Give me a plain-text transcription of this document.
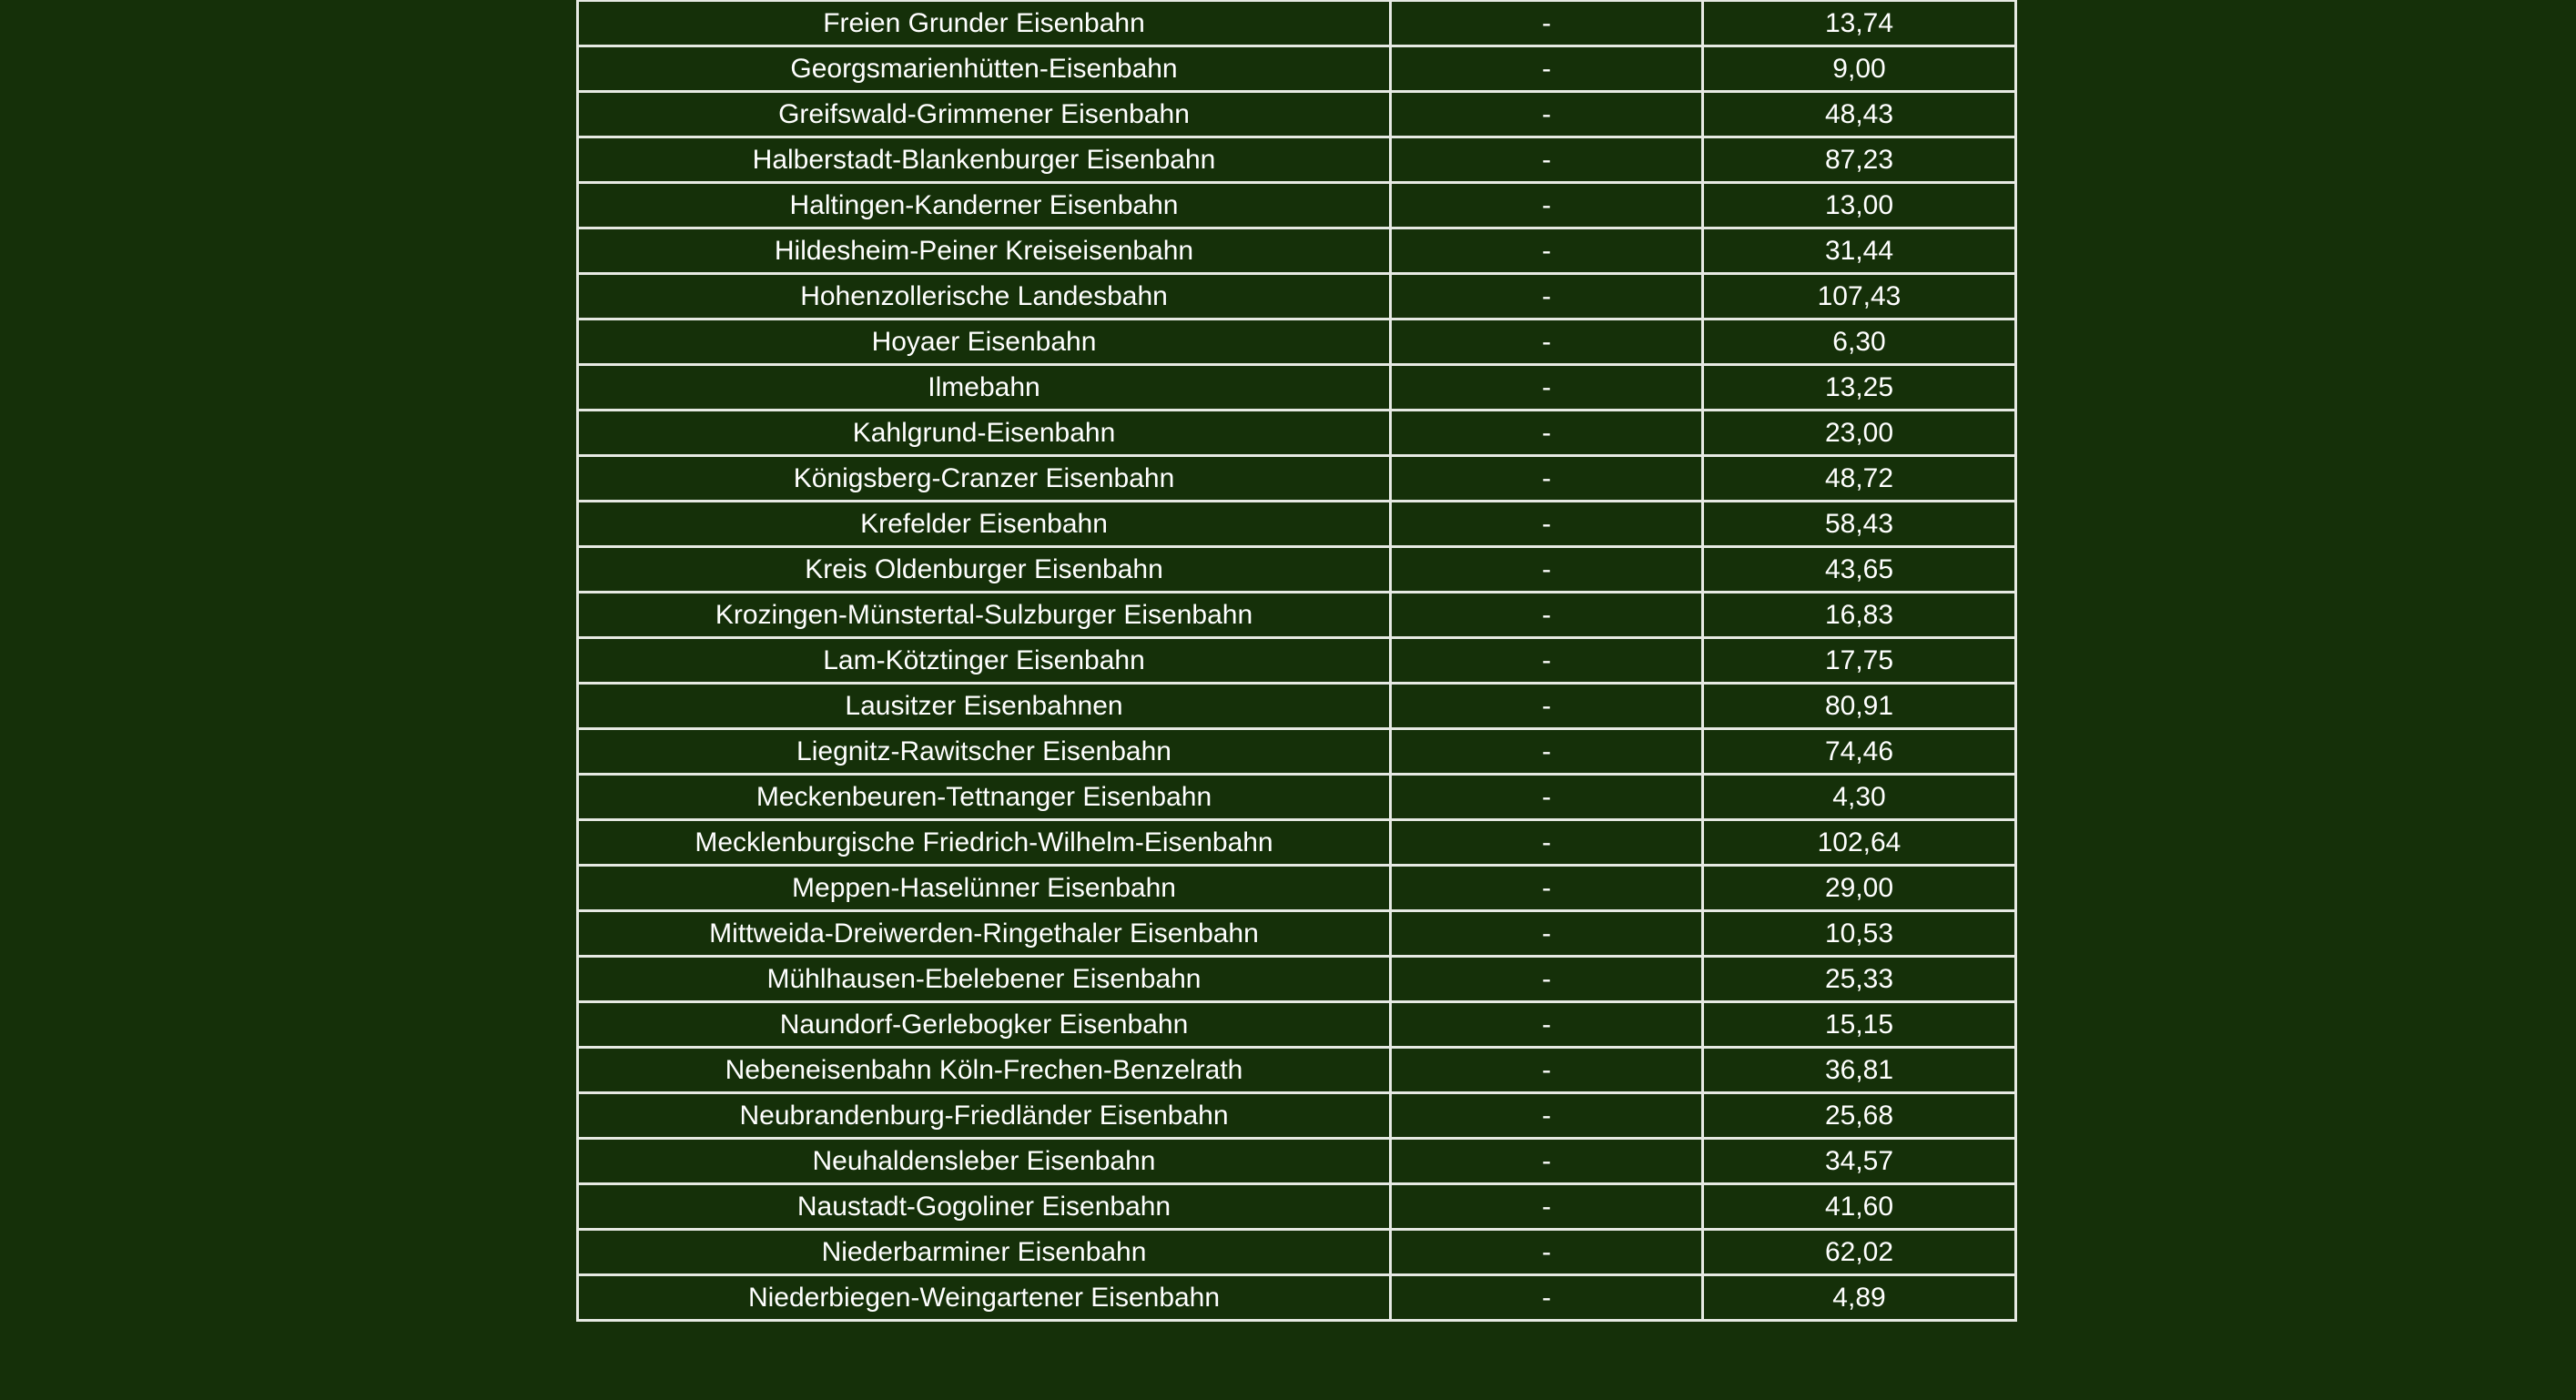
Freien Grunder Eisenbahn	-	13,74
Georgsmarienhütten-Eisenbahn	-	9,00
Greifswald-Grimmener Eisenbahn	-	48,43
Halberstadt-Blankenburger Eisenbahn	-	87,23
Haltingen-Kanderner Eisenbahn	-	13,00
Hildesheim-Peiner Kreiseisenbahn	-	31,44
Hohenzollerische Landesbahn	-	107,43
Hoyaer Eisenbahn	-	6,30
Ilmebahn	-	13,25
Kahlgrund-Eisenbahn	-	23,00
Königsberg-Cranzer Eisenbahn	-	48,72
Krefelder Eisenbahn	-	58,43
Kreis Oldenburger Eisenbahn	-	43,65
Krozingen-Münstertal-Sulzburger Eisenbahn	-	16,83
Lam-Kötztinger Eisenbahn	-	17,75
Lausitzer Eisenbahnen	-	80,91
Liegnitz-Rawitscher Eisenbahn	-	74,46
Meckenbeuren-Tettnanger Eisenbahn	-	4,30
Mecklenburgische Friedrich-Wilhelm-Eisenbahn	-	102,64
Meppen-Haselünner Eisenbahn	-	29,00
Mittweida-Dreiwerden-Ringethaler Eisenbahn	-	10,53
Mühlhausen-Ebelebener Eisenbahn	-	25,33
Naundorf-Gerlebogker Eisenbahn	-	15,15
Nebeneisenbahn Köln-Frechen-Benzelrath	-	36,81
Neubrandenburg-Friedländer Eisenbahn	-	25,68
Neuhaldensleber Eisenbahn	-	34,57
Naustadt-Gogoliner Eisenbahn	-	41,60
Niederbarminer Eisenbahn	-	62,02
Niederbiegen-Weingartener Eisenbahn	-	4,89
